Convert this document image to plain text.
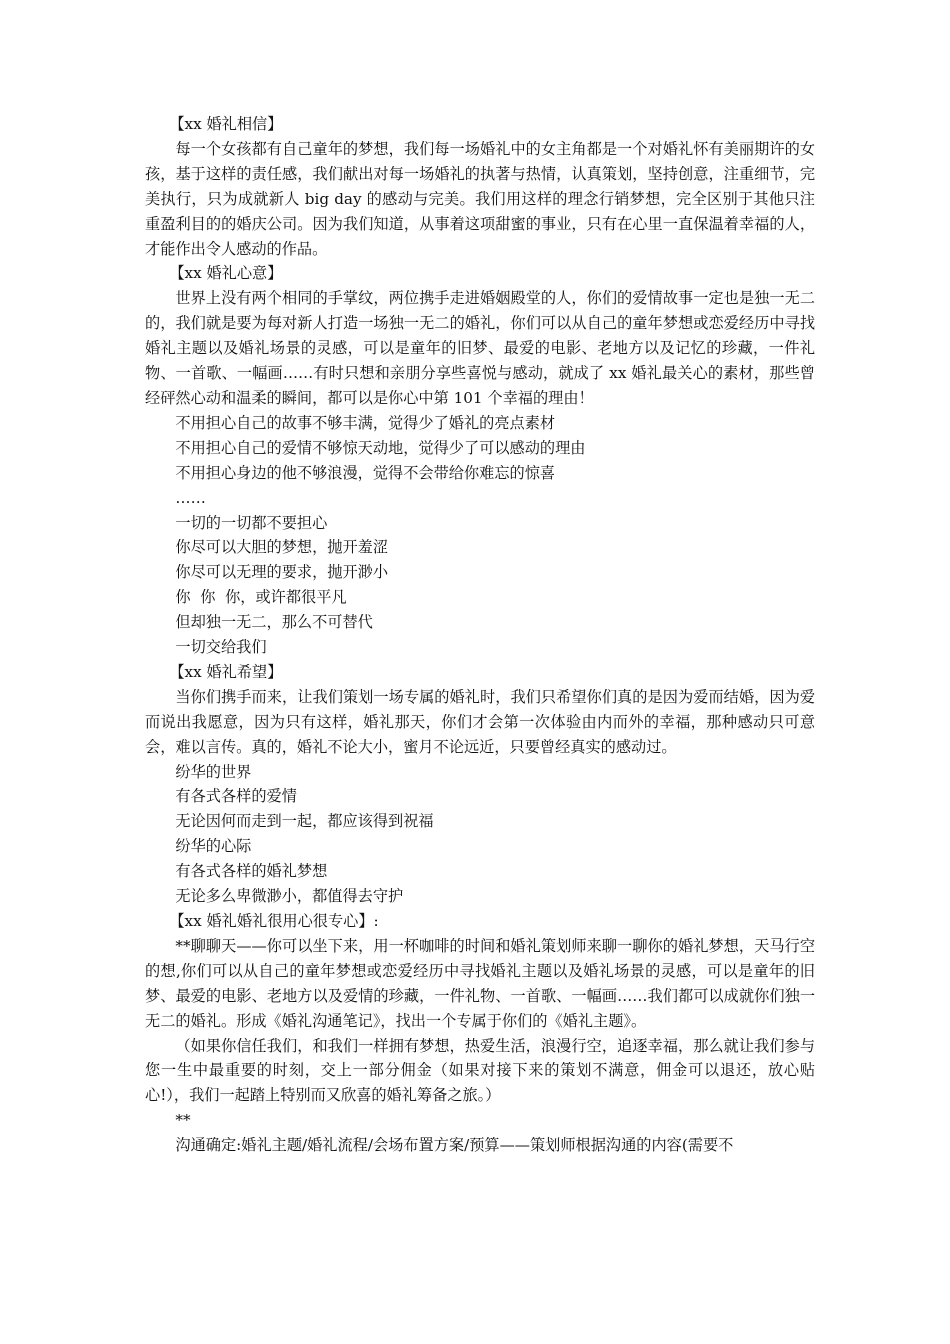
【xx 婚礼相信】

每一个女孩都有自己童年的梦想，我们每一场婚礼中的女主角都是一个对婚礼怀有美丽期许的女孩，基于这样的责任感，我们献出对每一场婚礼的执著与热情，认真策划，坚持创意，注重细节，完美执行，只为成就新人 big day 的感动与完美。我们用这样的理念行销梦想，完全区别于其他只注重盈利目的的婚庆公司。因为我们知道，从事着这项甜蜜的事业，只有在心里一直保温着幸福的人，才能作出令人感动的作品。

【xx 婚礼心意】

世界上没有两个相同的手掌纹，两位携手走进婚姻殿堂的人，你们的爱情故事一定也是独一无二的，我们就是要为每对新人打造一场独一无二的婚礼，你们可以从自己的童年梦想或恋爱经历中寻找婚礼主题以及婚礼场景的灵感，可以是童年的旧梦、最爱的电影、老地方以及记忆的珍藏，一件礼物、一首歌、一幅画……有时只想和亲朋分享些喜悦与感动，就成了 xx 婚礼最关心的素材，那些曾经砰然心动和温柔的瞬间，都可以是你心中第 101 个幸福的理由！

不用担心自己的故事不够丰满，觉得少了婚礼的亮点素材

不用担心自己的爱情不够惊天动地，觉得少了可以感动的理由

不用担心身边的他不够浪漫，觉得不会带给你难忘的惊喜

……

一切的一切都不要担心

你尽可以大胆的梦想，抛开羞涩

你尽可以无理的要求，抛开渺小

你  你  你，或许都很平凡

但却独一无二，那么不可替代

一切交给我们

【xx 婚礼希望】

当你们携手而来，让我们策划一场专属的婚礼时，我们只希望你们真的是因为爱而结婚，因为爱而说出我愿意，因为只有这样，婚礼那天，你们才会第一次体验由内而外的幸福，那种感动只可意会，难以言传。真的，婚礼不论大小，蜜月不论远近，只要曾经真实的感动过。

纷华的世界

有各式各样的爱情

无论因何而走到一起，都应该得到祝福

纷华的心际

有各式各样的婚礼梦想

无论多么卑微渺小，都值得去守护

【xx 婚礼婚礼很用心很专心】:

**聊聊天——你可以坐下来，用一杯咖啡的时间和婚礼策划师来聊一聊你的婚礼梦想，天马行空的想,你们可以从自己的童年梦想或恋爱经历中寻找婚礼主题以及婚礼场景的灵感，可以是童年的旧梦、最爱的电影、老地方以及爱情的珍藏，一件礼物、一首歌、一幅画……我们都可以成就你们独一无二的婚礼。形成《婚礼沟通笔记》，找出一个专属于你们的《婚礼主题》。

（如果你信任我们，和我们一样拥有梦想，热爱生活，浪漫行空，追逐幸福，那么就让我们参与您一生中最重要的时刻，交上一部分佣金（如果对接下来的策划不满意，佣金可以退还，放心贴心!），我们一起踏上特别而又欣喜的婚礼筹备之旅。）

**

沟通确定:婚礼主题/婚礼流程/会场布置方案/预算——策划师根据沟通的内容(需要不
